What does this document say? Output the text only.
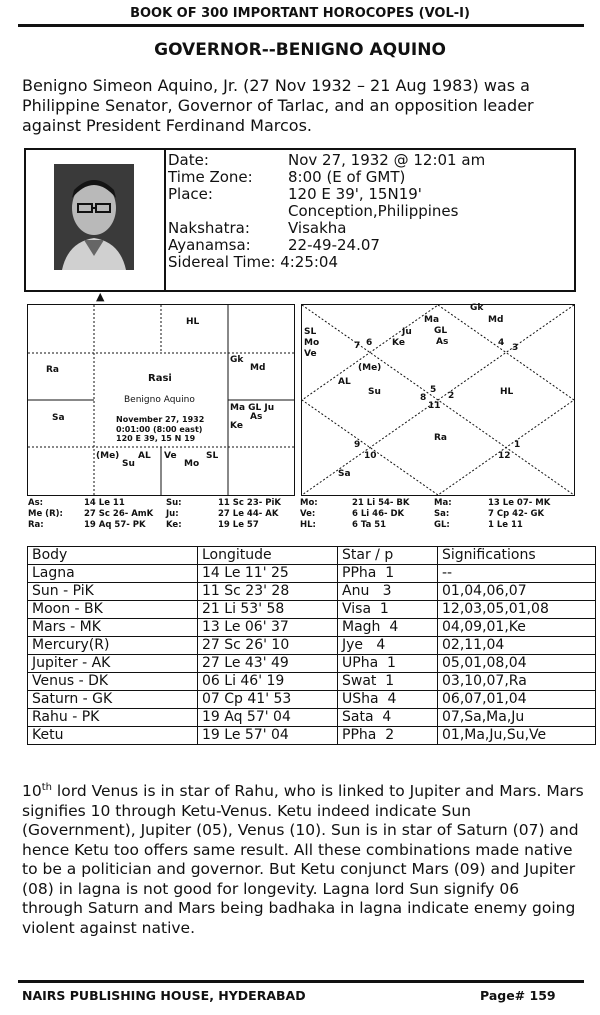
BOOK OF 300 IMPORTANT HOROCOPES (VOL-I)
GOVERNOR--BENIGNO AQUINO
Benigno Simeon Aquino, Jr. (27 Nov 1932 – 21 Aug 1983) was a Philippine Senator, Governor of Tarlac, and an opposition leader against President Ferdinand Marcos.
Date:	Nov 27, 1932 @ 12:01 am
Time Zone: 8:00 (E of GMT)
Place:	120 E 39', 15N19'
Conception,Philippines
Nakshatra:	Visakha
Ayanamsa: 22-49-24.07
Sidereal Time: 4:25:04
▲
HL
Ra
Sa
Gk
Md
Ma GL Ju
As
Ke
Rasi
Benigno Aquino
November 27, 1932
0:01:00 (8:00 east)
120 E 39, 15 N 19
(Me)
Su
AL Ve
Mo
SL
Gk
Ma	Md
GL
As
Ju
Ke
SL
Mo
Ve
7 6	4 3
(Me)
AL
Su
8
5
2
11
HL
Ra
9
10
1
12
Sa
As:	14 Le 11	Su:	11 Sc 23- PiK Mo:	21 Li 54- BK	Ma:	13 Le 07- MK
Me (R): 27 Sc 26- AmK Ju:	27 Le 44- AK	Ve:	6 Li 46- DK	Sa:	7 Cp 42- GK
Ra:	19 Aq 57- PK Ke:	19 Le 57	HL:	6 Ta 51	GL:	1 Le 11
Body	Longitude	Star / p	Significations
Lagna	14 Le 11' 25	PPha  1	--
Sun - PiK	11 Sc 23' 28	Anu   3	01,04,06,07
Moon - BK	21 Li 53' 58	Visa  1	12,03,05,01,08
Mars - MK	13 Le 06' 37	Magh  4	04,09,01,Ke
Mercury(R)	27 Sc 26' 10	Jye   4	02,11,04
Jupiter - AK	27 Le 43' 49	UPha  1	05,01,08,04
Venus - DK	06 Li 46' 19	Swat  1	03,10,07,Ra
Saturn - GK	07 Cp 41' 53	USha  4	06,07,01,04
Rahu - PK	19 Aq 57' 04	Sata  4	07,Sa,Ma,Ju
Ketu	19 Le 57' 04	PPha  2	01,Ma,Ju,Su,Ve
10th lord Venus is in star of Rahu, who is linked to Jupiter and Mars. Mars signifies 10 through Ketu-Venus. Ketu indeed indicate Sun (Government), Jupiter (05), Venus (10). Sun is in star of Saturn (07) and hence Ketu too offers same result. All these combinations made native to be a politician and governor. But Ketu conjunct Mars (09) and Jupiter (08) in lagna is not good for longevity. Lagna lord Sun signify 06 through Saturn and Mars being badhaka in lagna indicate enemy going violent against native.
NAIRS PUBLISHING HOUSE, HYDERABAD	Page# 159
